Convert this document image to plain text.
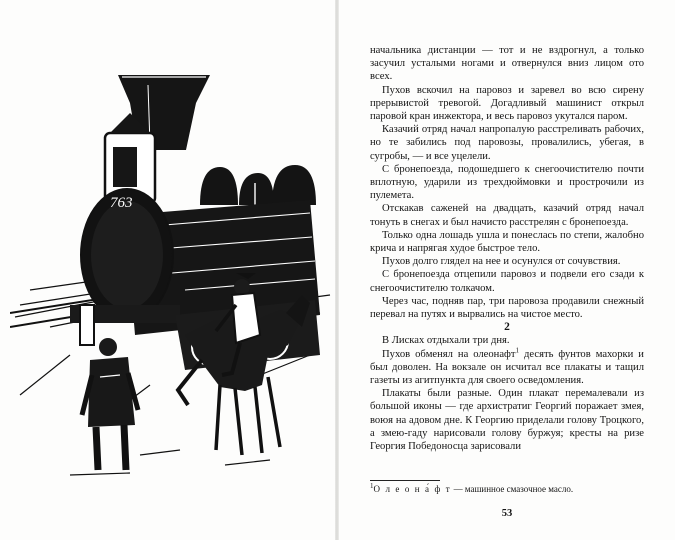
763

начальника дистанции — тот и не вздрогнул, а только засучил усталыми ногами и отвернулся вниз лицом ото всех.

Пухов вскочил на паровоз и заревел во всю сирену прерывистой тревогой. Догадливый машинист открыл паровой кран инжектора, и весь паровоз укутался паром.

Казачий отряд начал напропалую расстреливать рабочих, но те забились под паровозы, провалились, убегая, в сугробы, — и все уцелели.

С бронепоезда, подошедшего к снегоочистителю почти вплотную, ударили из трехдюймовки и прострочили из пулемета.

Отскакав саженей на двадцать, казачий отряд начал тонуть в снегах и был начисто расстрелян с бронепоезда.

Только одна лошадь ушла и понеслась по степи, жалобно крича и напрягая худое быстрое тело.

Пухов долго глядел на нее и осунулся от сочувствия.

С бронепоезда отцепили паровоз и подвели его сзади к снегоочистителю толкачом.

Через час, подняв пар, три паровоза продавили снежный перевал на путях и вырвались на чистое место.

2

В Лисках отдыхали три дня.

Пухов обменял на олеонафт$^1$ десять фунтов махорки и был доволен. На вокзале он исчитал все плакаты и тащил газеты из агитпункта для своего осведомления.

Плакаты были разные. Один плакат перемалевали из большой иконы — где архистратиг Георгий поражает змея, воюя на адовом дне. К Георгию приделали голову Троцкого, а змею-гаду нарисовали голову буржуя; кресты на ризе Георгия Победоносца зарисовали

$^1$О л е о н а́ ф т — машинное смазочное масло.
53
